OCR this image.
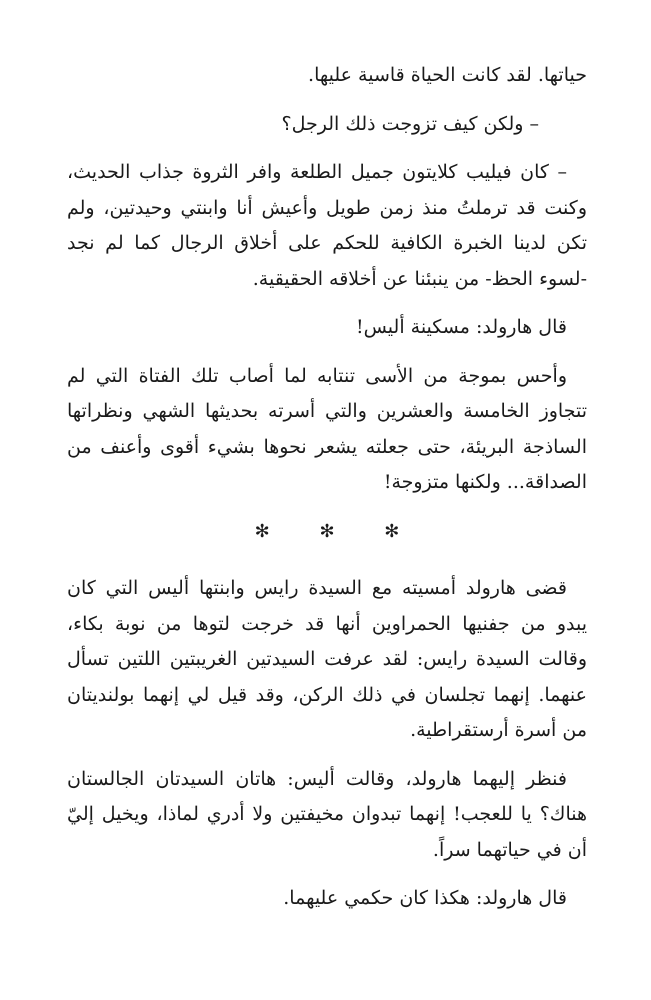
حياتها. لقد كانت الحياة قاسية عليها.

– ولكن كيف تزوجت ذلك الرجل؟

– كان فيليب كلايتون جميل الطلعة وافر الثروة جذاب الحديث، وكنت قد ترملتُ منذ زمن طويل وأعيش أنا وابنتي وحيدتين، ولم تكن لدينا الخبرة الكافية للحكم على أخلاق الرجال كما لم نجد -لسوء الحظ- من ينبئنا عن أخلاقه الحقيقية.

قال هارولد: مسكينة أليس!

وأحس بموجة من الأسى تنتابه لما أصاب تلك الفتاة التي لم تتجاوز الخامسة والعشرين والتي أسرته بحديثها الشهي ونظراتها الساذجة البريئة، حتى جعلته يشعر نحوها بشيء أقوى وأعنف من الصداقة... ولكنها متزوجة!

✻ ✻ ✻

قضى هارولد أمسيته مع السيدة رايس وابنتها أليس التي كان يبدو من جفنيها الحمراوين أنها قد خرجت لتوها من نوبة بكاء، وقالت السيدة رايس: لقد عرفت السيدتين الغريبتين اللتين تسأل عنهما. إنهما تجلسان في ذلك الركن، وقد قيل لي إنهما بولنديتان من أسرة أرستقراطية.

فنظر إليهما هارولد، وقالت أليس: هاتان السيدتان الجالستان هناك؟ يا للعجب! إنهما تبدوان مخيفتين ولا أدري لماذا، ويخيل إليّ أن في حياتهما سراً.

قال هارولد: هكذا كان حكمي عليهما.
